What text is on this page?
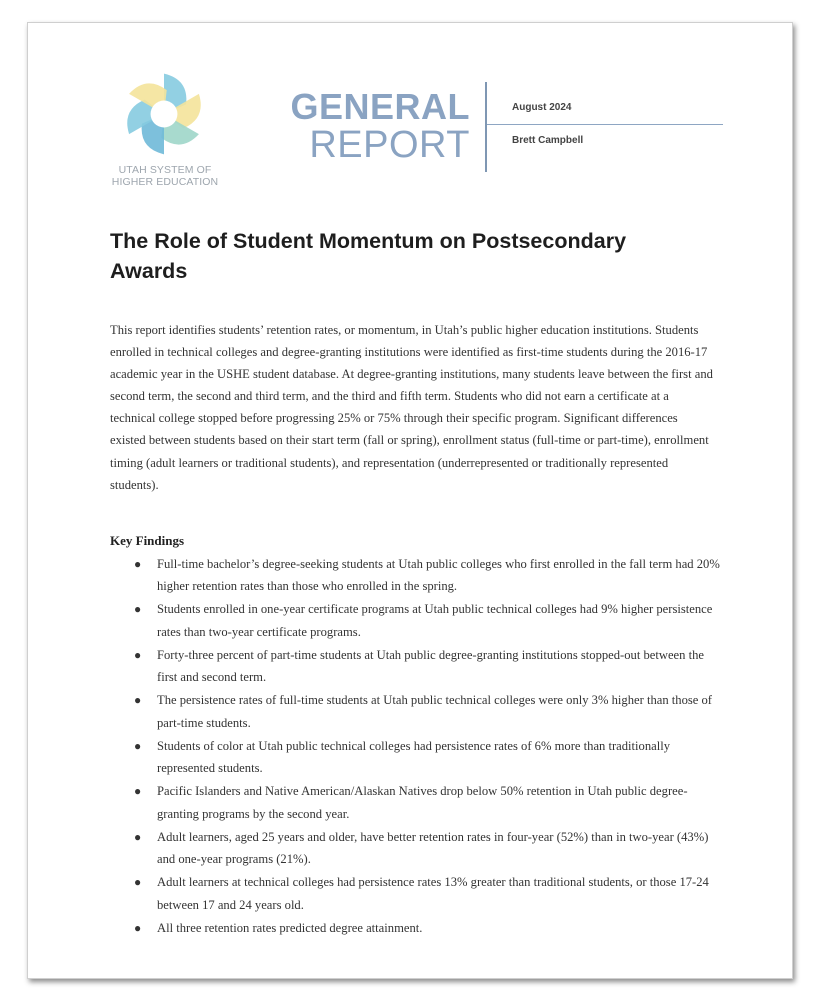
UTAH SYSTEM OF
HIGHER EDUCATION
GENERAL
REPORT
August 2024
Brett Campbell
The Role of Student Momentum on Postsecondary Awards

This report identifies students’ retention rates, or momentum, in Utah’s public higher education institutions. Students enrolled in technical colleges and degree-granting institutions were identified as first-time students during the 2016-17 academic year in the USHE student database. At degree-granting institutions, many students leave between the first and second term, the second and third term, and the third and fifth term. Students who did not earn a certificate at a technical college stopped before progressing 25% or 75% through their specific program. Significant differences existed between students based on their start term (fall or spring), enrollment status (full-time or part-time), enrollment timing (adult learners or traditional students), and representation (underrepresented or traditionally represented students).

Key Findings
● Full-time bachelor’s degree-seeking students at Utah public colleges who first enrolled in the fall term had 20% higher retention rates than those who enrolled in the spring.
● Students enrolled in one-year certificate programs at Utah public technical colleges had 9% higher persistence rates than two-year certificate programs.
● Forty-three percent of part-time students at Utah public degree-granting institutions stopped-out between the first and second term.
● The persistence rates of full-time students at Utah public technical colleges were only 3% higher than those of part-time students.
● Students of color at Utah public technical colleges had persistence rates of 6% more than traditionally represented students.
● Pacific Islanders and Native American/Alaskan Natives drop below 50% retention in Utah public degree-granting programs by the second year.
● Adult learners, aged 25 years and older, have better retention rates in four-year (52%) than in two-year (43%) and one-year programs (21%).
● Adult learners at technical colleges had persistence rates 13% greater than traditional students, or those 17-24 between 17 and 24 years old.
● All three retention rates predicted degree attainment.
